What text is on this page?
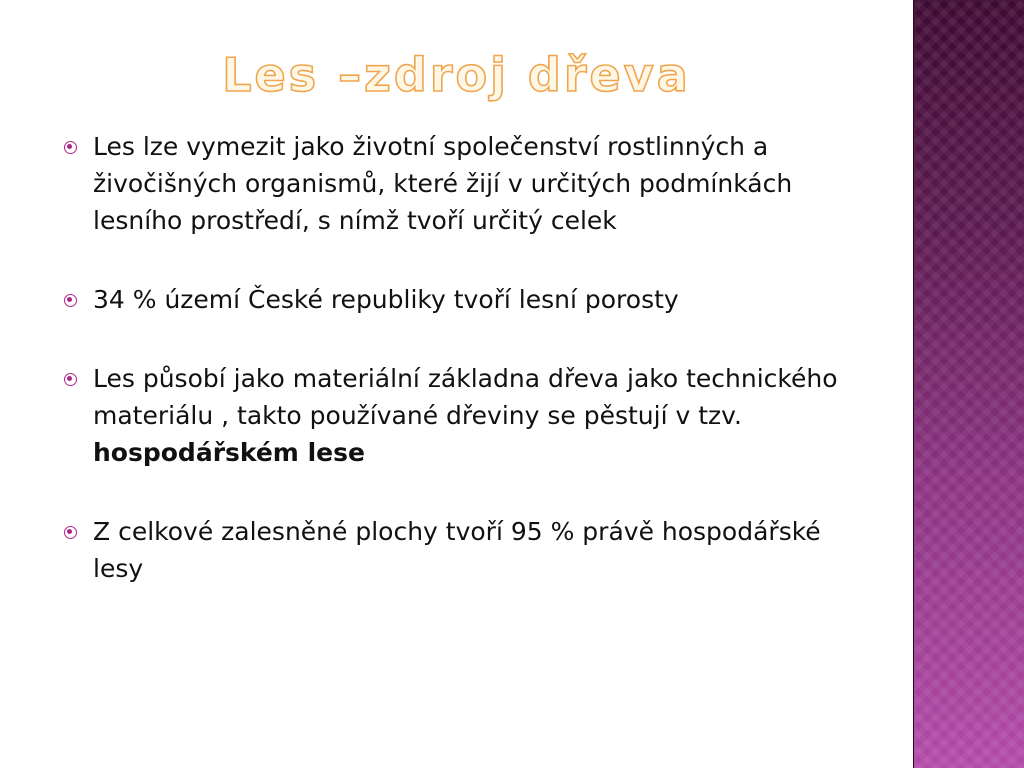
Les –zdroj dřeva

Les lze vymezit jako životní společenství rostlinných a živočišných organismů, které žijí v určitých podmínkách lesního prostředí, s nímž tvoří určitý celek

34 % území České republiky tvoří lesní porosty

Les působí jako materiální základna dřeva jako technického materiálu , takto používané dřeviny se pěstují v tzv. hospodářském lese

Z celkové zalesněné plochy tvoří 95 % právě hospodářské lesy
